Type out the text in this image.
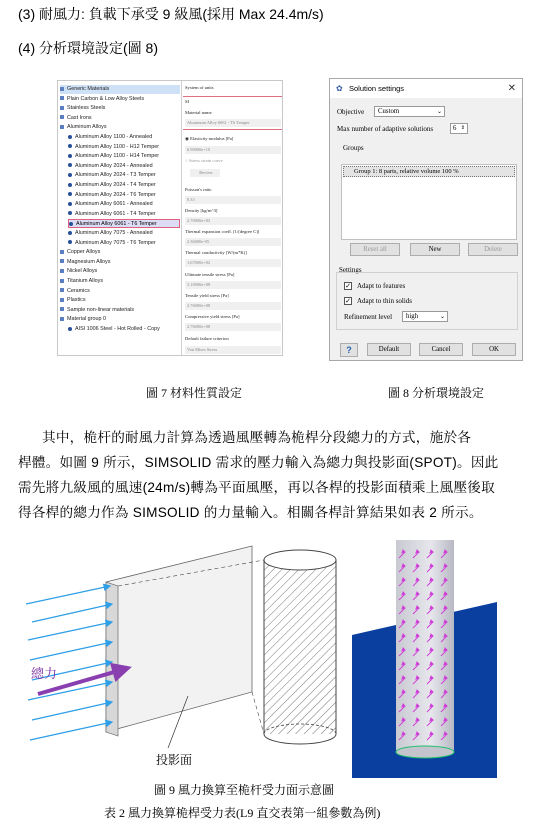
(3) 耐風力: 負載下承受 9 級風(採用 Max 24.4m/s)
(4) 分析環境設定(圖 8)
Generic Materials
Plain Carbon & Low Alloy Steels
Stainless Steels
Cast Irons
Aluminum Alloys
Aluminum Alloy 1100 - Annealed
Aluminum Alloy 1100 - H12 Temper
Aluminum Alloy 1100 - H14 Temper
Aluminum Alloy 2024 - Annealed
Aluminum Alloy 2024 - T3 Temper
Aluminum Alloy 2024 - T4 Temper
Aluminum Alloy 2024 - T6 Temper
Aluminum Alloy 6061 - Annealed
Aluminum Alloy 6061 - T4 Temper
Aluminum Alloy 6061 - T6 Temper
Aluminum Alloy 7075 - Annealed
Aluminum Alloy 7075 - T6 Temper
Copper Alloys
Magnesium Alloys
Nickel Alloys
Titanium Alloys
Ceramics
Plastics
Sample non-linear materials
Material group 0
AISI 1006 Steel - Hot Rolled - Copy
System of units
SI
Material name
Aluminum Alloy 6061 - T6 Temper
◉ Elasticity modulus [Pa]
6.90000e+10
○ Stress strain curve
Review
Poisson's ratio
0.33
Density [kg/m^3]
2.70000e+03
Thermal expansion coeff. [1/(degree C)]
2.36000e-05
Thermal conductivity [W/(m*K)]
1.67000e+02
Ultimate tensile stress [Pa]
3.10000e+08
Tensile yield stress [Pa]
2.76000e+08
Compressive yield stress [Pa]
2.76000e+08
Default failure criterion
Von Mises Stress
Solution settings
✿	✕
Objective	Custom	⌄
Max number of adaptive solutions	6 ⇕
Groups
Group 1: 8 parts, relative volume 100 %
Reset all	New	Delete
Settings
✓ Adapt to features
✓ Adapt to thin solids
Refinement level	high	⌄
?	Default	Cancel	OK
圖 7 材料性質設定	圖 8 分析環境設定
其中，桅杆的耐風力計算為透過風壓轉為桅桿分段總力的方式，施於各
桿體。如圖 9 所示，SIMSOLID 需求的壓力輸入為總力與投影面(SPOT)。因此
需先將九級風的風速(24m/s)轉為平面風壓，再以各桿的投影面積乘上風壓後取
得各桿的總力作為 SIMSOLID 的力量輸入。相關各桿計算結果如表 2 所示。
總力
投影面
圖 9 風力換算至桅杆受力面示意圖
表 2 風力換算桅桿受力表(L9 直交表第一組參數為例)
